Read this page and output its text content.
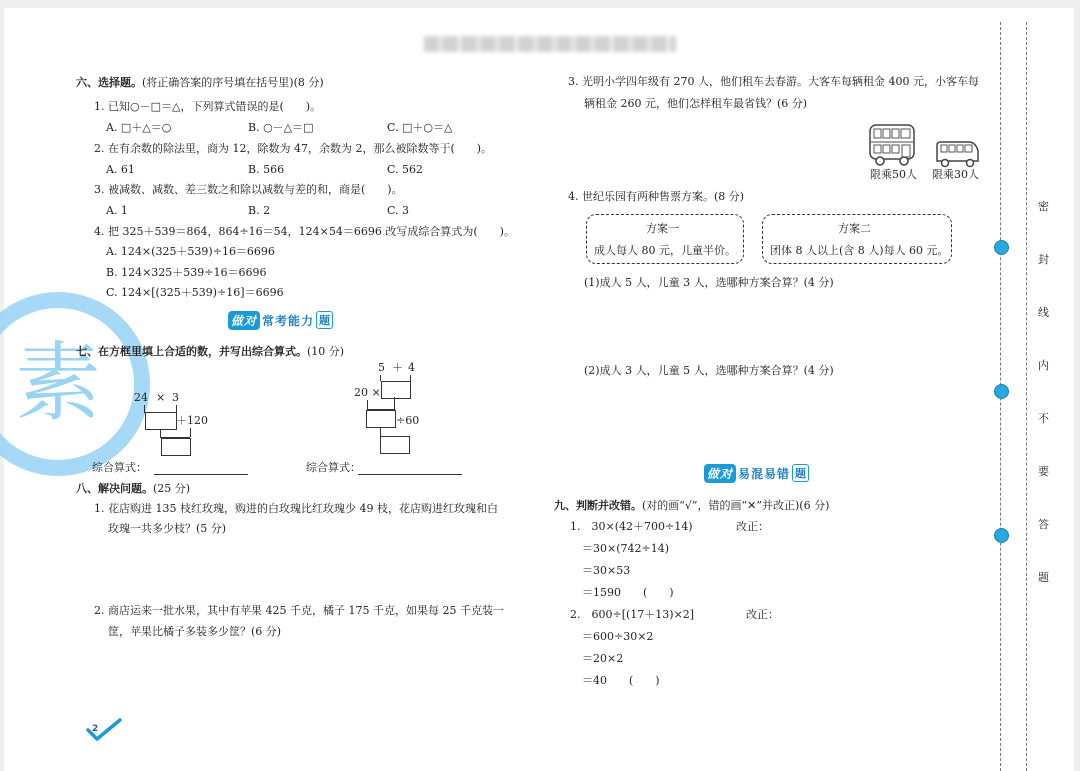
素
六、选择题。(将正确答案的序号填在括号里)(8 分)
1. 已知○－□＝△，下列算式错误的是(　　)。
A. □＋△＝○	B. ○－△＝□	C. □＋○＝△
2. 在有余数的除法里，商为 12，除数为 47，余数为 2，那么被除数等于(　　)。
A. 61	B. 566	C. 562
3. 被减数、减数、差三数之和除以减数与差的和，商是(　　)。
A. 1	B. 2	C. 3
4. 把 325＋539＝864，864÷16＝54，124×54＝6696 改写成综合算式为(　　)。
A. 124×(325＋539)÷16＝6696
B. 124×325＋539÷16＝6696
C. 124×[(325＋539)÷16]＝6696
做对 常考能力 题
七、在方框里填上合适的数，并写出综合算式。(10 分)
24 × 3
＋120
综合算式：
5 ＋ 4
20 ×
÷60
综合算式：
八、解决问题。(25 分)
1. 花店购进 135 枝红玫瑰，购进的白玫瑰比红玫瑰少 49 枝，花店购进红玫瑰和白
玫瑰一共多少枝？(5 分)
2. 商店运来一批水果，其中有苹果 425 千克，橘子 175 千克，如果每 25 千克装一
筐，苹果比橘子多装多少筐？(6 分)
2
3. 光明小学四年级有 270 人，他们租车去春游。大客车每辆租金 400 元，小客车每
辆租金 260 元，他们怎样租车最省钱？(6 分)
限乘50人 限乘30人
4. 世纪乐园有两种售票方案。(8 分)
方案一
成人每人 80 元，儿童半价。
方案二
团体 8 人以上(含 8 人)每人 60 元。
(1)成人 5 人，儿童 3 人，选哪种方案合算？(4 分)
(2)成人 3 人，儿童 5 人，选哪种方案合算？(4 分)
做对 易混易错 题
九、判断并改错。(对的画“√”，错的画“✕”并改正)(6 分)
1.　30×(42＋700÷14)	改正：
＝30×(742÷14)
＝30×53
＝1590　　(　　)
2.　600÷[(17＋13)×2]	改正：
＝600÷30×2
＝20×2
＝40　　(　　)
密
封
线
内
不
要
答
题
